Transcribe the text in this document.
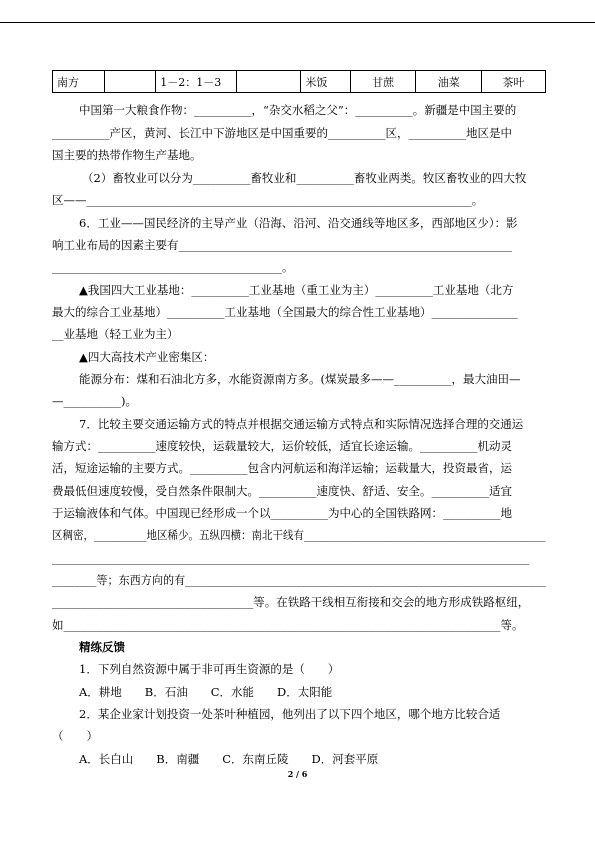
南方		1－2：1－3		米饭	甘蔗	油菜	茶叶
中国第一大粮食作物：__________，“杂交水稻之父”：__________。新疆是中国主要的
__________产区，黄河、长江中下游地区是中国重要的__________区，__________地区是中
国主要的热带作物生产基地。
（2）畜牧业可以分为__________畜牧业和__________畜牧业两类。牧区畜牧业的四大牧
区——___________________________________________________________________。
6．工业——国民经济的主导产业（沿海、沿河、沿交通线等地区多，西部地区少）：影
响工业布局的因素主要有__________________________________________________________
________________________________________。
▲我国四大工业基地：__________工业基地（重工业为主）__________工业基地（北方
最大的综合工业基地）__________工业基地（全国最大的综合性工业基地）_______________
__业基地（轻工业为主）
▲四大高技术产业密集区：
能源分布：煤和石油北方多，水能资源南方多。(煤炭最多——__________，最大油田—
—__________)。
7．比较主要交通运输方式的特点并根据交通运输方式特点和实际情况选择合理的交通运
输方式：__________速度较快，运载量较大，运价较低，适宜长途运输。__________机动灵
活，短途运输的主要方式。__________包含内河航运和海洋运输；运载量大，投资最省，运
费最低但速度较慢，受自然条件限制大。__________速度快、舒适、安全。__________适宜
于运输液体和气体。中国现已经形成一个以__________为中心的全国铁路网：__________地
区稠密，__________地区稀少。五纵四横：南北干线有______________________________________________
___________________________________________________________________________________
________等；东西方向的有_________________________________________________________________
___________________________________等。在铁路干线相互衔接和交会的地方形成铁路枢纽，
如____________________________________________________________________________等。
精练反馈
1．下列自然资源中属于非可再生资源的是（　　）
A．耕地　　B．石油　　C．水能　　D．太阳能
2．某企业家计划投资一处茶叶种植园，他列出了以下四个地区，哪个地方比较合适
（　　）
A．长白山　　B．南疆　　C．东南丘陵　　D．河套平原
2 / 6
